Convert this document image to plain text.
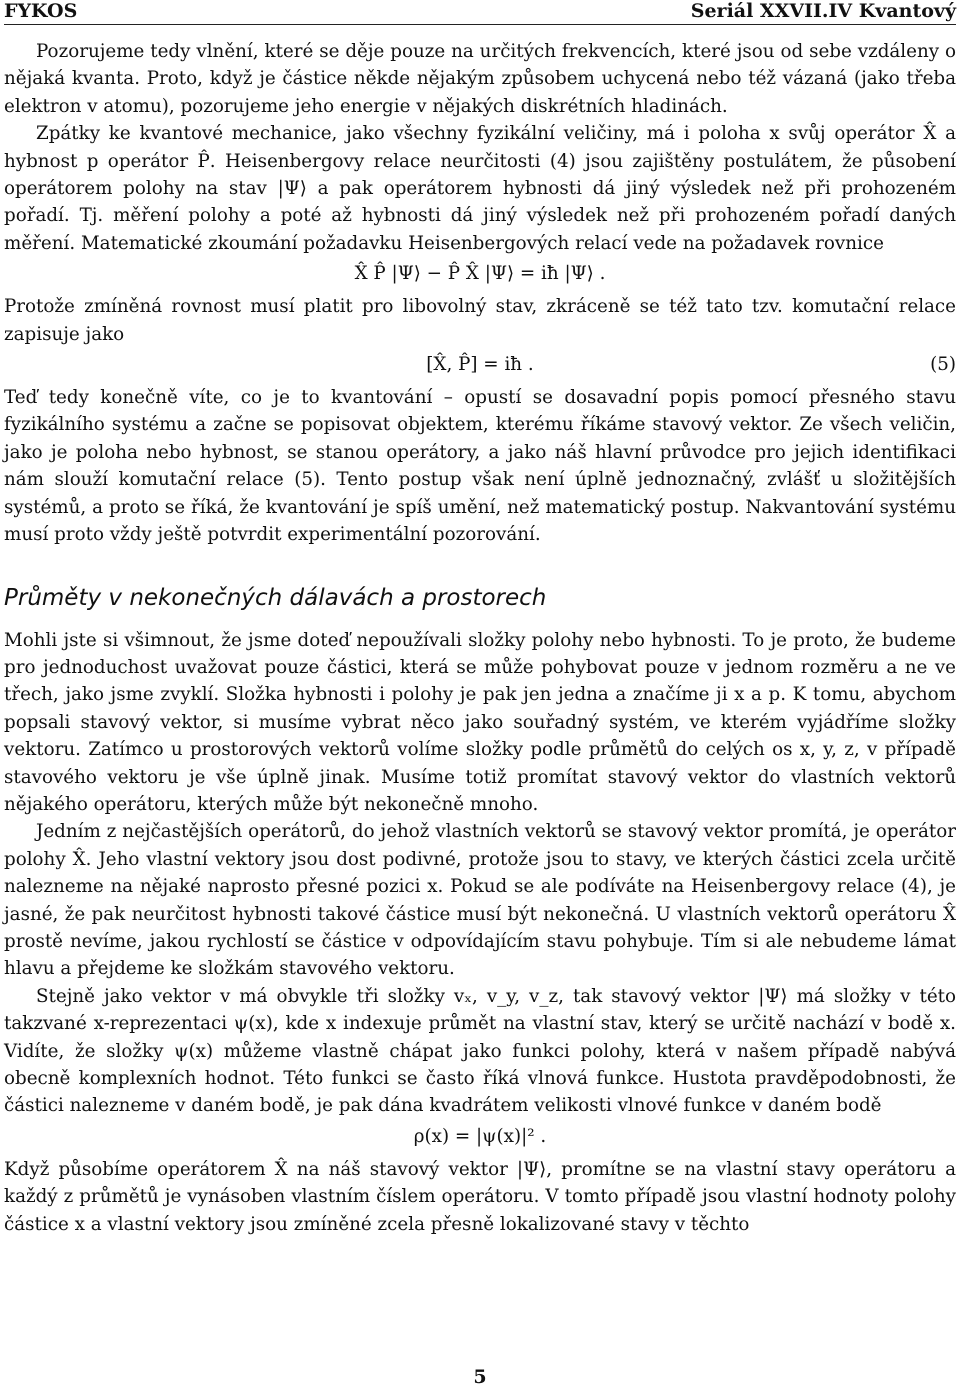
FYKOS	Seriál XXVII.IV Kvantový

Pozorujeme tedy vlnění, které se děje pouze na určitých frekvencích, které jsou od sebe vzdáleny o nějaká kvanta. Proto, když je částice někde nějakým způsobem uchycená nebo též vázaná (jako třeba elektron v atomu), pozorujeme jeho energie v nějakých diskrétních hladinách.

Zpátky ke kvantové mechanice, jako všechny fyzikální veličiny, má i poloha x svůj operátor X̂ a hybnost p operátor P̂. Heisenbergovy relace neurčitosti (4) jsou zajištěny postulátem, že působení operátorem polohy na stav |Ψ⟩ a pak operátorem hybnosti dá jiný výsledek než při prohozeném pořadí. Tj. měření polohy a poté až hybnosti dá jiný výsledek než při prohozeném pořadí daných měření. Matematické zkoumání požadavku Heisenbergových relací vede na požadavek rovnice

X̂ P̂ |Ψ⟩ − P̂ X̂ |Ψ⟩ = iħ |Ψ⟩ .

Protože zmíněná rovnost musí platit pro libovolný stav, zkráceně se též tato tzv. komutační relace zapisuje jako

[X̂, P̂] = iħ .	(5)

Teď tedy konečně víte, co je to kvantování – opustí se dosavadní popis pomocí přesného stavu fyzikálního systému a začne se popisovat objektem, kterému říkáme stavový vektor. Ze všech veličin, jako je poloha nebo hybnost, se stanou operátory, a jako náš hlavní průvodce pro jejich identifikaci nám slouží komutační relace (5). Tento postup však není úplně jednoznačný, zvlášť u složitějších systémů, a proto se říká, že kvantování je spíš umění, než matematický postup. Nakvantování systému musí proto vždy ještě potvrdit experimentální pozorování.

Průměty v nekonečných dálavách a prostorech

Mohli jste si všimnout, že jsme doteď nepoužívali složky polohy nebo hybnosti. To je proto, že budeme pro jednoduchost uvažovat pouze částici, která se může pohybovat pouze v jednom rozměru a ne ve třech, jako jsme zvyklí. Složka hybnosti i polohy je pak jen jedna a značíme ji x a p. K tomu, abychom popsali stavový vektor, si musíme vybrat něco jako souřadný systém, ve kterém vyjádříme složky vektoru. Zatímco u prostorových vektorů volíme složky podle průmětů do celých os x, y, z, v případě stavového vektoru je vše úplně jinak. Musíme totiž promítat stavový vektor do vlastních vektorů nějakého operátoru, kterých může být nekonečně mnoho.

Jedním z nejčastějších operátorů, do jehož vlastních vektorů se stavový vektor promítá, je operátor polohy X̂. Jeho vlastní vektory jsou dost podivné, protože jsou to stavy, ve kterých částici zcela určitě nalezneme na nějaké naprosto přesné pozici x. Pokud se ale podíváte na Heisenbergovy relace (4), je jasné, že pak neurčitost hybnosti takové částice musí být nekonečná. U vlastních vektorů operátoru X̂ prostě nevíme, jakou rychlostí se částice v odpovídajícím stavu pohybuje. Tím si ale nebudeme lámat hlavu a přejdeme ke složkám stavového vektoru.

Stejně jako vektor v má obvykle tři složky vₓ, v_y, v_z, tak stavový vektor |Ψ⟩ má složky v této takzvané x-reprezentaci ψ(x), kde x indexuje průmět na vlastní stav, který se určitě nachází v bodě x. Vidíte, že složky ψ(x) můžeme vlastně chápat jako funkci polohy, která v našem případě nabývá obecně komplexních hodnot. Této funkci se často říká vlnová funkce. Hustota pravděpodobnosti, že částici nalezneme v daném bodě, je pak dána kvadrátem velikosti vlnové funkce v daném bodě

ρ(x) = |ψ(x)|² .

Když působíme operátorem X̂ na náš stavový vektor |Ψ⟩, promítne se na vlastní stavy operátoru a každý z průmětů je vynásoben vlastním číslem operátoru. V tomto případě jsou vlastní hodnoty polohy částice x a vlastní vektory jsou zmíněné zcela přesně lokalizované stavy v těchto

5
